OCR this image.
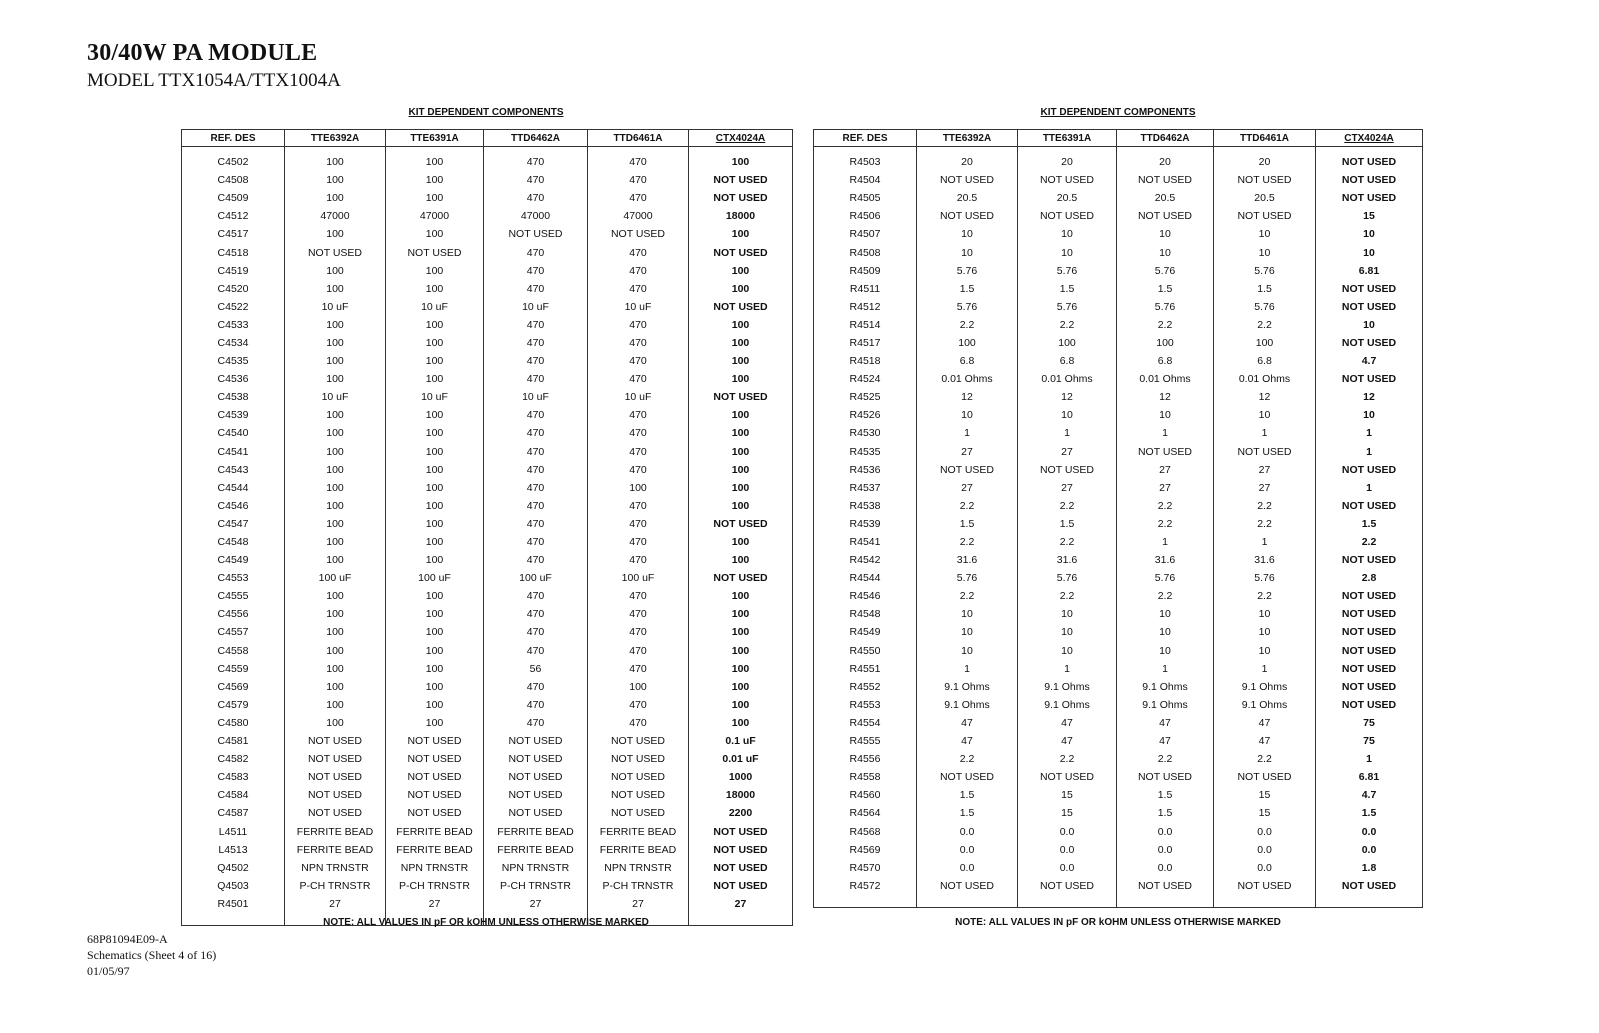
30/40W PA MODULE
MODEL TTX1054A/TTX1004A
KIT DEPENDENT COMPONENTS
REF. DES	TTE6392A	TTE6391A	TTD6462A	TTD6461A	CTX4024A

C4502	100	100	470	470	100
C4508	100	100	470	470	NOT USED
C4509	100	100	470	470	NOT USED
C4512	47000	47000	47000	47000	18000
C4517	100	100	NOT USED	NOT USED	100
C4518	NOT USED	NOT USED	470	470	NOT USED
C4519	100	100	470	470	100
C4520	100	100	470	470	100
C4522	10 uF	10 uF	10 uF	10 uF	NOT USED
C4533	100	100	470	470	100
C4534	100	100	470	470	100
C4535	100	100	470	470	100
C4536	100	100	470	470	100
C4538	10 uF	10 uF	10 uF	10 uF	NOT USED
C4539	100	100	470	470	100
C4540	100	100	470	470	100
C4541	100	100	470	470	100
C4543	100	100	470	470	100
C4544	100	100	470	100	100
C4546	100	100	470	470	100
C4547	100	100	470	470	NOT USED
C4548	100	100	470	470	100
C4549	100	100	470	470	100
C4553	100 uF	100 uF	100 uF	100 uF	NOT USED
C4555	100	100	470	470	100
C4556	100	100	470	470	100
C4557	100	100	470	470	100
C4558	100	100	470	470	100
C4559	100	100	56	470	100
C4569	100	100	470	100	100
C4579	100	100	470	470	100
C4580	100	100	470	470	100
C4581	NOT USED	NOT USED	NOT USED	NOT USED	0.1 uF
C4582	NOT USED	NOT USED	NOT USED	NOT USED	0.01 uF
C4583	NOT USED	NOT USED	NOT USED	NOT USED	1000
C4584	NOT USED	NOT USED	NOT USED	NOT USED	18000
C4587	NOT USED	NOT USED	NOT USED	NOT USED	2200
L4511	FERRITE BEAD	FERRITE BEAD	FERRITE BEAD	FERRITE BEAD	NOT USED
L4513	FERRITE BEAD	FERRITE BEAD	FERRITE BEAD	FERRITE BEAD	NOT USED
Q4502	NPN TRNSTR	NPN TRNSTR	NPN TRNSTR	NPN TRNSTR	NOT USED
Q4503	P-CH TRNSTR	P-CH TRNSTR	P-CH TRNSTR	P-CH TRNSTR	NOT USED
R4501	27	27	27	27	27

NOTE: ALL VALUES IN pF OR kOHM UNLESS OTHERWISE MARKED
KIT DEPENDENT COMPONENTS
REF. DES	TTE6392A	TTE6391A	TTD6462A	TTD6461A	CTX4024A

R4503	20	20	20	20	NOT USED
R4504	NOT USED	NOT USED	NOT USED	NOT USED	NOT USED
R4505	20.5	20.5	20.5	20.5	NOT USED
R4506	NOT USED	NOT USED	NOT USED	NOT USED	15
R4507	10	10	10	10	10
R4508	10	10	10	10	10
R4509	5.76	5.76	5.76	5.76	6.81
R4511	1.5	1.5	1.5	1.5	NOT USED
R4512	5.76	5.76	5.76	5.76	NOT USED
R4514	2.2	2.2	2.2	2.2	10
R4517	100	100	100	100	NOT USED
R4518	6.8	6.8	6.8	6.8	4.7
R4524	0.01 Ohms	0.01 Ohms	0.01 Ohms	0.01 Ohms	NOT USED
R4525	12	12	12	12	12
R4526	10	10	10	10	10
R4530	1	1	1	1	1
R4535	27	27	NOT USED	NOT USED	1
R4536	NOT USED	NOT USED	27	27	NOT USED
R4537	27	27	27	27	1
R4538	2.2	2.2	2.2	2.2	NOT USED
R4539	1.5	1.5	2.2	2.2	1.5
R4541	2.2	2.2	1	1	2.2
R4542	31.6	31.6	31.6	31.6	NOT USED
R4544	5.76	5.76	5.76	5.76	2.8
R4546	2.2	2.2	2.2	2.2	NOT USED
R4548	10	10	10	10	NOT USED
R4549	10	10	10	10	NOT USED
R4550	10	10	10	10	NOT USED
R4551	1	1	1	1	NOT USED
R4552	9.1 Ohms	9.1 Ohms	9.1 Ohms	9.1 Ohms	NOT USED
R4553	9.1 Ohms	9.1 Ohms	9.1 Ohms	9.1 Ohms	NOT USED
R4554	47	47	47	47	75
R4555	47	47	47	47	75
R4556	2.2	2.2	2.2	2.2	1
R4558	NOT USED	NOT USED	NOT USED	NOT USED	6.81
R4560	1.5	15	1.5	15	4.7
R4564	1.5	15	1.5	15	1.5
R4568	0.0	0.0	0.0	0.0	0.0
R4569	0.0	0.0	0.0	0.0	0.0
R4570	0.0	0.0	0.0	0.0	1.8
R4572	NOT USED	NOT USED	NOT USED	NOT USED	NOT USED

NOTE: ALL VALUES IN pF OR kOHM UNLESS OTHERWISE MARKED
68P81094E09-A
Schematics (Sheet 4 of 16)
01/05/97
